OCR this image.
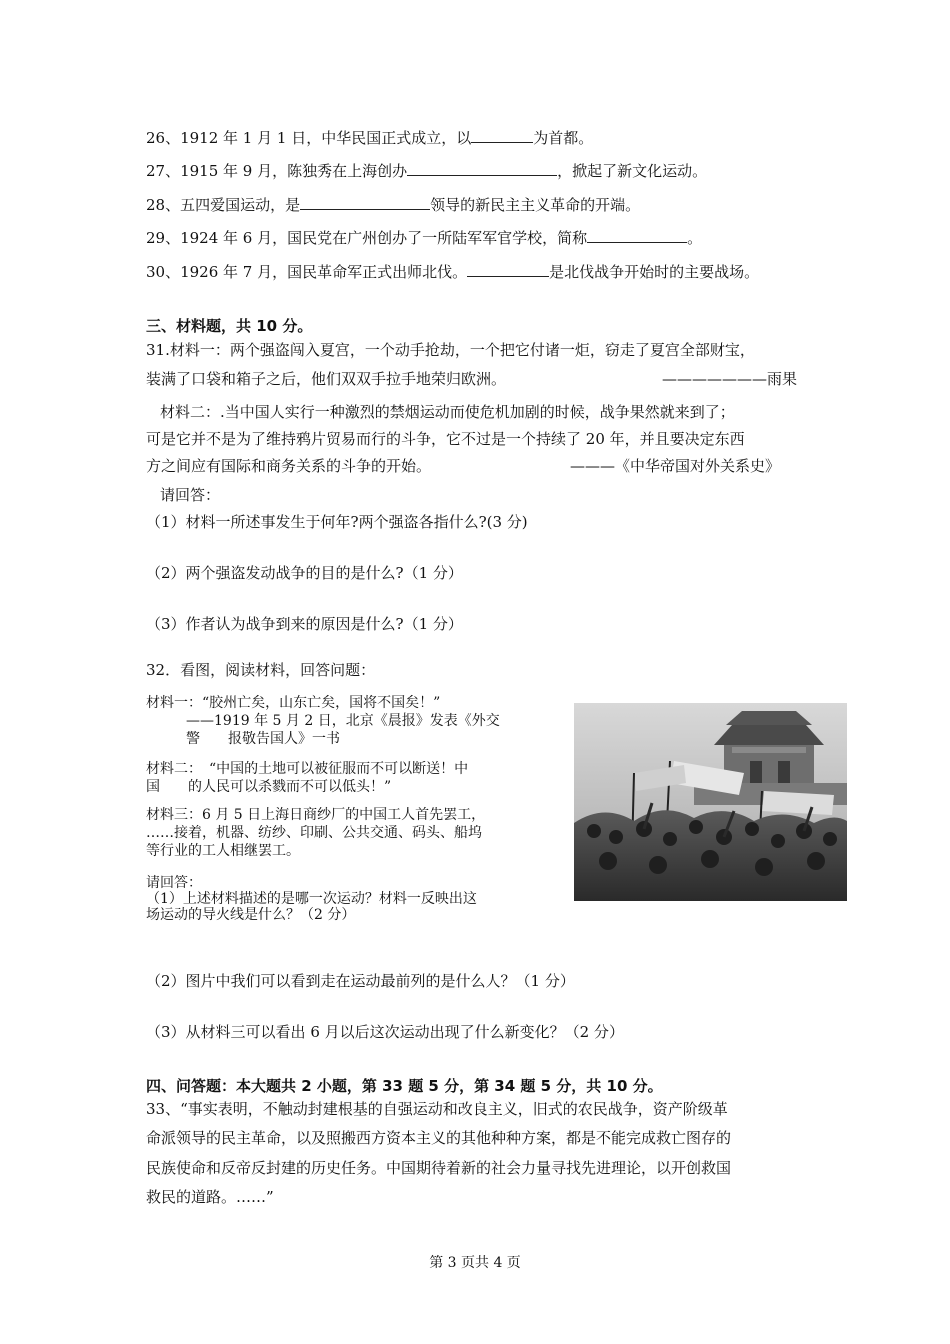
26、1912 年 1 月 1 日，中华民国正式成立，以	为首都。
27、1915 年 9 月，陈独秀在上海创办	，掀起了新文化运动。
28、五四爱国运动，是	领导的新民主主义革命的开端。
29、1924 年 6 月，国民党在广州创办了一所陆军军官学校，简称	。
30、1926 年 7 月，国民革命军正式出师北伐。	是北伐战争开始时的主要战场。
三、材料题，共 10 分。
31.材料一：两个强盗闯入夏宫，一个动手抢劫，一个把它付诸一炬，窃走了夏宫全部财宝，
装满了口袋和箱子之后，他们双双手拉手地荣归欧洲。	———————雨果
材料二：.当中国人实行一种激烈的禁烟运动而使危机加剧的时候，战争果然就来到了；
可是它并不是为了维持鸦片贸易而行的斗争，它不过是一个持续了 20 年，并且要决定东西
方之间应有国际和商务关系的斗争的开始。	———《中华帝国对外关系史》
请回答：
（1）材料一所述事发生于何年?两个强盗各指什么?(3 分)
（2）两个强盗发动战争的目的是什么?（1 分）
（3）作者认为战争到来的原因是什么?（1 分）
32．看图，阅读材料，回答问题：
材料一：“胶州亡矣，山东亡矣，国将不国矣！”
——1919 年 5 月 2 日，北京《晨报》发表《外交
警　　报敬告国人》一书
材料二：　“中国的土地可以被征服而不可以断送！中
国　　的人民可以杀戮而不可以低头！”
材料三：6 月 5 日上海日商纱厂的中国工人首先罢工，
……接着，机器、纺纱、印刷、公共交通、码头、船坞
等行业的工人相继罢工。
请回答：
（1）上述材料描述的是哪一次运动？材料一反映出这
场运动的导火线是什么？（2 分）
（2）图片中我们可以看到走在运动最前列的是什么人？（1 分）
（3）从材料三可以看出 6 月以后这次运动出现了什么新变化？（2 分）
四、问答题：本大题共 2 小题，第 33 题 5 分，第 34 题 5 分，共 10 分。
33、“事实表明，不触动封建根基的自强运动和改良主义，旧式的农民战争，资产阶级革
命派领导的民主革命，以及照搬西方资本主义的其他种种方案，都是不能完成救亡图存的
民族使命和反帝反封建的历史任务。中国期待着新的社会力量寻找先进理论，以开创救国
救民的道路。……”
第 3 页共 4 页
